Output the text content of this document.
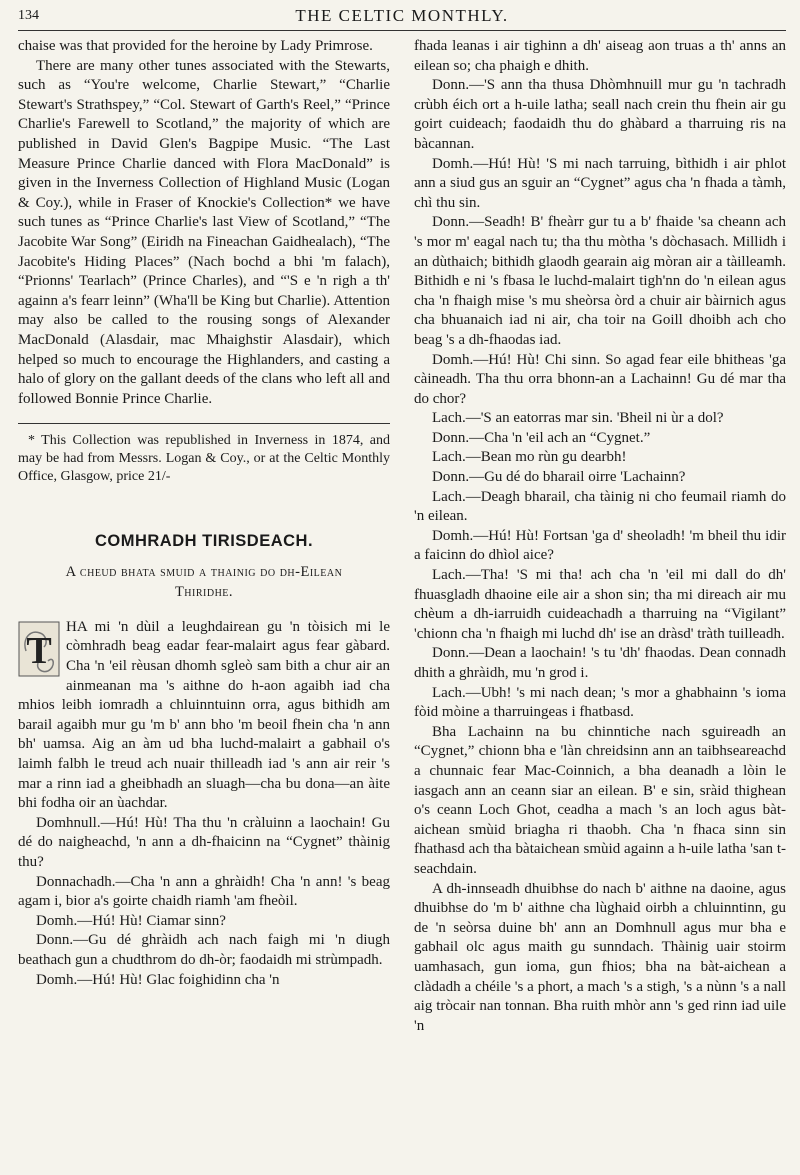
134	THE CELTIC MONTHLY.

chaise was that provided for the heroine by Lady Primrose.

There are many other tunes associated with the Stewarts, such as “You're welcome, Charlie Stewart,” “Charlie Stewart's Strathspey,” “Col. Stewart of Garth's Reel,” “Prince Charlie's Farewell to Scotland,” the majority of which are published in David Glen's Bagpipe Music. “The Last Measure Prince Charlie danced with Flora MacDonald” is given in the Inverness Collection of Highland Music (Logan & Coy.), while in Fraser of Knockie's Collection* we have such tunes as “Prince Charlie's last View of Scotland,” “The Jacobite War Song” (Eiridh na Fineachan Gaidhealach), “The Jacobite's Hiding Places” (Nach bochd a bhi 'm falach), “Prionns' Tearlach” (Prince Charles), and “'S e 'n righ a th' againn a's fearr leinn” (Wha'll be King but Charlie). Attention may also be called to the rousing songs of Alexander MacDonald (Alasdair, mac Mhaighstir Alasdair), which helped so much to encourage the Highlanders, and casting a halo of glory on the gallant deeds of the clans who left all and followed Bonnie Prince Charlie.

* This Collection was republished in Inverness in 1874, and may be had from Messrs. Logan & Coy., or at the Celtic Monthly Office, Glasgow, price 21/-

COMHRADH TIRISDEACH.
A cheud bhata smuid a thainig do dh-Eilean Thiridhe.
T

HA mi 'n dùil a leughdairean gu 'n tòisich mi le còmhradh beag eadar fear-malairt agus fear gàbard. Cha 'n 'eil rèusan dhomh sgleò sam bith a chur air an ainmeanan ma 's aithne do h-aon agaibh iad cha mhios leibh iomradh a chluinntuinn orra, agus bithidh am barail agaibh mur gu 'm b' ann bho 'm beoil fhein cha 'n ann bh' uamsa. Aig an àm ud bha luchd-malairt a gabhail o's laimh falbh le treud ach nuair thilleadh iad 's ann air reir 's mar a rinn iad a gheibhadh an sluagh—cha bu dona—an àite bhi fodha oir an ùachdar.

Domhnull.—Hú! Hù! Tha thu 'n cràluinn a laochain! Gu dé do naigheachd, 'n ann a dh-fhaicinn na “Cygnet” thàinig thu?

Donnachadh.—Cha 'n ann a ghràidh! Cha 'n ann! 's beag agam i, bior a's goirte chaidh riamh 'am fheòil.

Domh.—Hú! Hù! Ciamar sinn?

Donn.—Gu dé ghràidh ach nach faigh mi 'n diugh beathach gun a chudthrom do dh-òr; faodaidh mi strùmpadh.

Domh.—Hú! Hù! Glac foighidinn cha 'n

fhada leanas i air tighinn a dh' aiseag aon truas a th' anns an eilean so; cha phaigh e dhith.

Donn.—'S ann tha thusa Dhòmhnuill mur gu 'n tachradh crùbh éich ort a h-uile latha; seall nach crein thu fhein air gu goirt cuideach; faodaidh thu do ghàbard a tharruing ris na bàcannan.

Domh.—Hú! Hù! 'S mi nach tarruing, bìthidh i air phlot ann a siud gus an sguir an “Cygnet” agus cha 'n fhada a tàmh, chì thu sin.

Donn.—Seadh! B' fheàrr gur tu a b' fhaide 'sa cheann ach 's mor m' eagal nach tu; tha thu mòtha 's dòchasach. Millidh i an dùthaich; bithidh glaodh gearain aig mòran air a tàilleamh. Bithidh e ni 's fbasa le luchd-malairt tigh'nn do 'n eilean agus cha 'n fhaigh mise 's mu sheòrsa òrd a chuir air bàirnich agus cha bhuanaich iad ni air, cha toir na Goill dhoibh ach cho beag 's a dh-fhaodas iad.

Domh.—Hú! Hù! Chi sinn. So agad fear eile bhitheas 'ga càineadh. Tha thu orra bhonn-an a Lachainn! Gu dé mar tha do chor?

Lach.—'S an eatorras mar sin. 'Bheil ni ùr a dol?

Donn.—Cha 'n 'eil ach an “Cygnet.”

Lach.—Bean mo rùn gu dearbh!

Donn.—Gu dé do bharail oirre 'Lachainn?

Lach.—Deagh bharail, cha tàinig ni cho feumail riamh do 'n eilean.

Domh.—Hú! Hù! Fortsan 'ga d' sheoladh! 'm bheil thu idir a faicinn do dhìol aice?

Lach.—Tha! 'S mi tha! ach cha 'n 'eil mi dall do dh' fhuasgladh dhaoine eile air a shon sin; tha mi direach air mu chèum a dh-iarruidh cuideachadh a tharruing na “Vigilant” 'chionn cha 'n fhaigh mi luchd dh' ise an dràsd' tràth tuilleadh.

Donn.—Dean a laochain! 's tu 'dh' fhaodas. Dean connadh dhith a ghràidh, mu 'n grod i.

Lach.—Ubh! 's mi nach dean; 's mor a ghabhainn 's ioma fòid mòine a tharruingeas i fhatbasd.

Bha Lachainn na bu chinntiche nach sguireadh an “Cygnet,” chionn bha e 'làn chreidsinn ann an taibhseareachd a chunnaic fear Mac-Coinnich, a bha deanadh a lòin le iasgach ann an ceann siar an eilean. B' e sin, sràid thighean o's ceann Loch Ghot, ceadha a mach 's an loch agus bàt-aichean smùid briagha ri thaobh. Cha 'n fhaca sinn sin fhathasd ach tha bàtaichean smùid againn a h-uile latha 'san t-seachdain.

A dh-innseadh dhuibhse do nach b' aithne na daoine, agus dhuibhse do 'm b' aithne cha lùghaid oirbh a chluinntinn, gu de 'n seòrsa duine bh' ann an Domhnull agus mur bha e gabhail olc agus maith gu sunndach. Thàinig uair stoirm uamhasach, gun ioma, gun fhios; bha na bàt-aichean a clàdadh a chéile 's a phort, a mach 's a stigh, 's a nùnn 's a nall aig tròcair nan tonnan. Bha ruith mhòr ann 's ged rinn iad uile 'n
